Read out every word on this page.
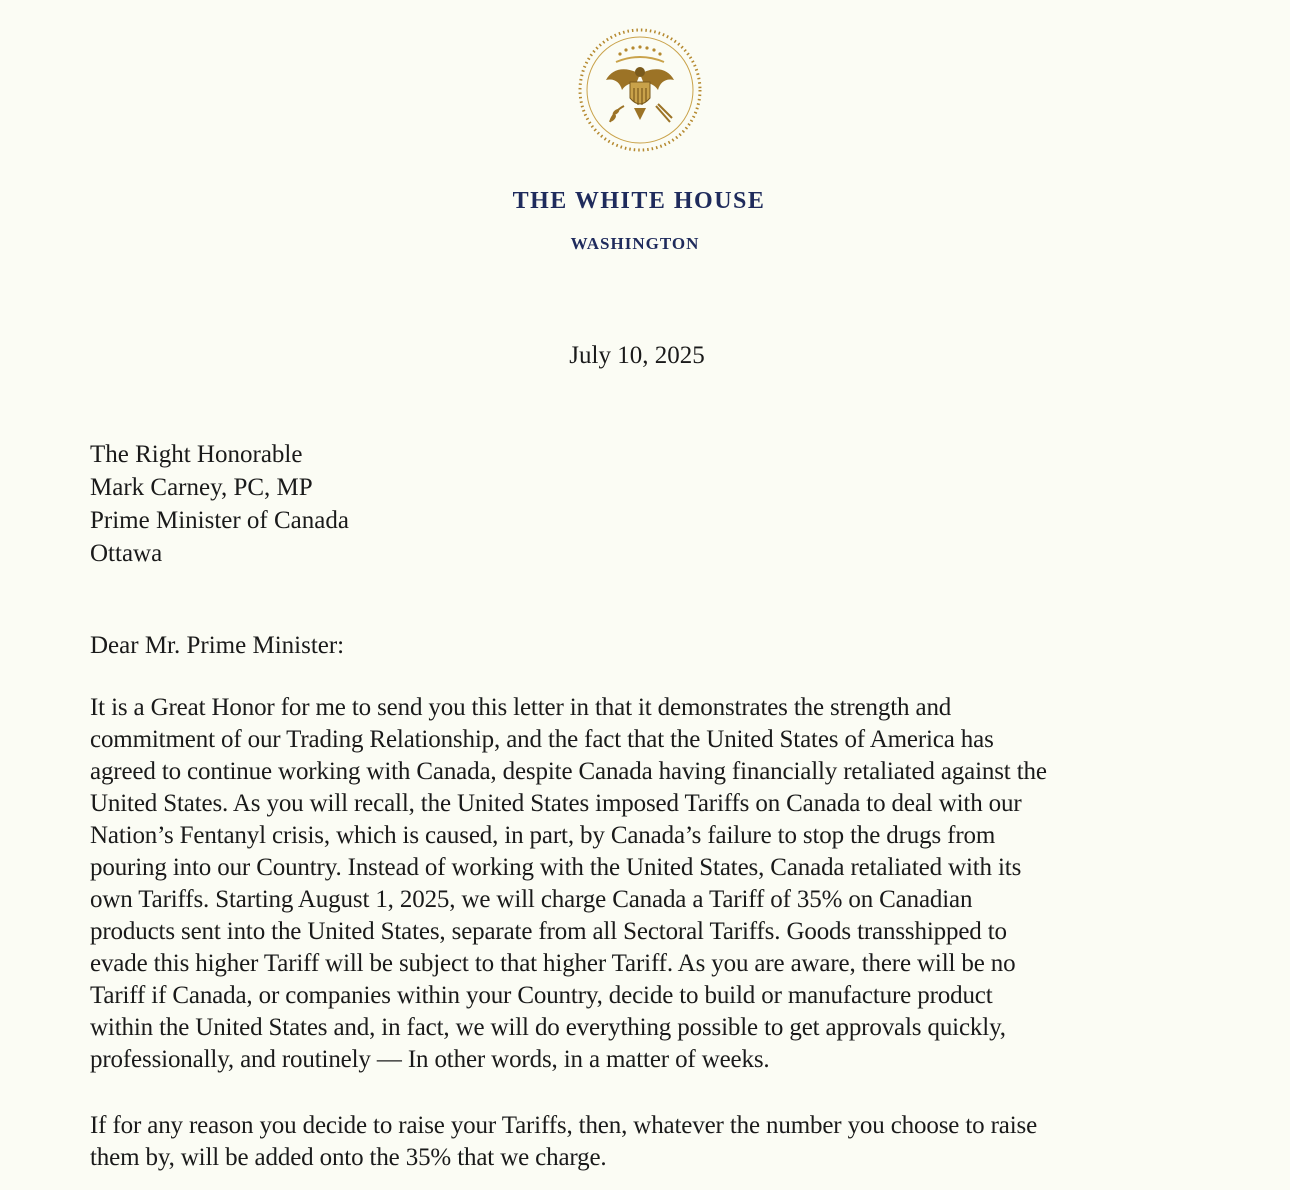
THE WHITE HOUSE
WASHINGTON
July 10, 2025
The Right Honorable
Mark Carney, PC, MP
Prime Minister of Canada
Ottawa
Dear Mr. Prime Minister:
It is a Great Honor for me to send you this letter in that it demonstrates the strength and
commitment of our Trading Relationship, and the fact that the United States of America has
agreed to continue working with Canada, despite Canada having financially retaliated against the
United States. As you will recall, the United States imposed Tariffs on Canada to deal with our
Nation’s Fentanyl crisis, which is caused, in part, by Canada’s failure to stop the drugs from
pouring into our Country. Instead of working with the United States, Canada retaliated with its
own Tariffs. Starting August 1, 2025, we will charge Canada a Tariff of 35% on Canadian
products sent into the United States, separate from all Sectoral Tariffs. Goods transshipped to
evade this higher Tariff will be subject to that higher Tariff. As you are aware, there will be no
Tariff if Canada, or companies within your Country, decide to build or manufacture product
within the United States and, in fact, we will do everything possible to get approvals quickly,
professionally, and routinely — In other words, in a matter of weeks.
If for any reason you decide to raise your Tariffs, then, whatever the number you choose to raise
them by, will be added onto the 35% that we charge.
